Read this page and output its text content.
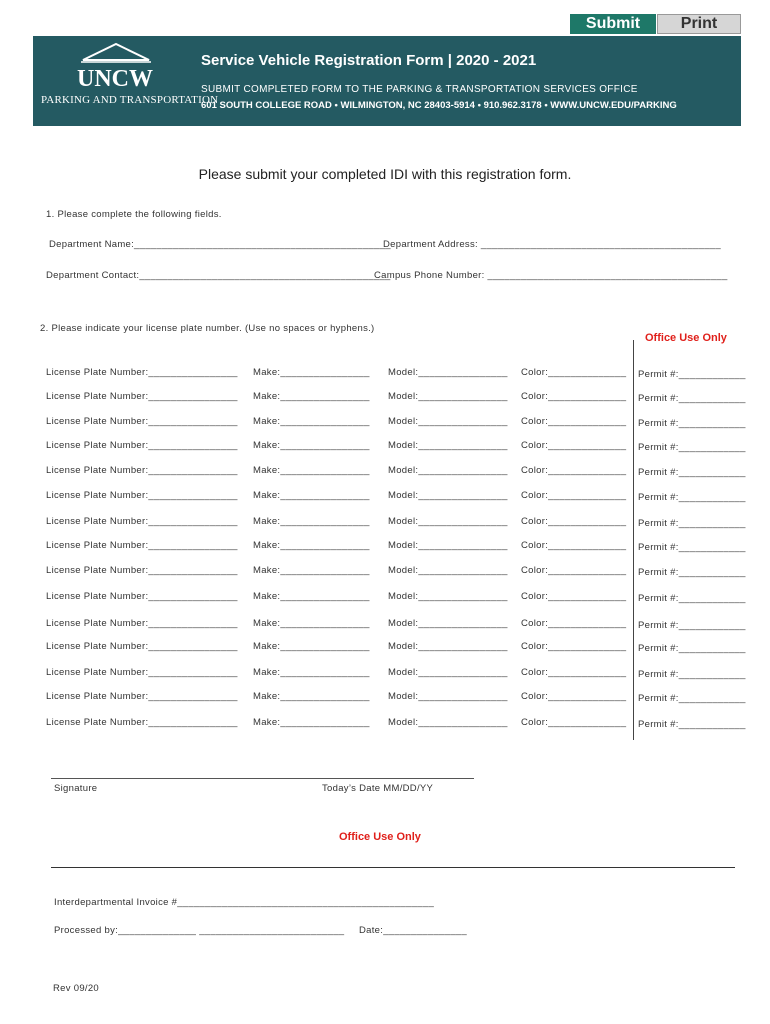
Submit	Print
UNCW
PARKING AND TRANSPORTATION
Service Vehicle Registration Form | 2020 - 2021
SUBMIT COMPLETED FORM TO THE PARKING & TRANSPORTATION SERVICES OFFICE
601 SOUTH COLLEGE ROAD • WILMINGTON, NC 28403-5914 • 910.962.3178 • WWW.UNCW.EDU/PARKING
Please submit your completed IDI with this registration form.
1. Please complete the following fields.
Department Name:______________________________________________
Department Address: ___________________________________________
Department Contact:_____________________________________________
Campus Phone Number: ___________________________________________
2. Please indicate your license plate number. (Use no spaces or hyphens.)
Office Use Only
License Plate Number:________________ Make:________________ Model:________________ Color:______________ Permit #:____________
License Plate Number:________________ Make:________________ Model:________________ Color:______________ Permit #:____________
License Plate Number:________________ Make:________________ Model:________________ Color:______________ Permit #:____________
License Plate Number:________________ Make:________________ Model:________________ Color:______________ Permit #:____________
License Plate Number:________________ Make:________________ Model:________________ Color:______________ Permit #:____________
License Plate Number:________________ Make:________________ Model:________________ Color:______________ Permit #:____________
License Plate Number:________________ Make:________________ Model:________________ Color:______________ Permit #:____________
License Plate Number:________________ Make:________________ Model:________________ Color:______________ Permit #:____________
License Plate Number:________________ Make:________________ Model:________________ Color:______________ Permit #:____________
License Plate Number:________________ Make:________________ Model:________________ Color:______________ Permit #:____________
License Plate Number:________________ Make:________________ Model:________________ Color:______________ Permit #:____________
License Plate Number:________________ Make:________________ Model:________________ Color:______________ Permit #:____________
License Plate Number:________________ Make:________________ Model:________________ Color:______________ Permit #:____________
License Plate Number:________________ Make:________________ Model:________________ Color:______________ Permit #:____________
License Plate Number:________________ Make:________________ Model:________________ Color:______________ Permit #:____________
Signature	Today’s Date MM/DD/YY
Office Use Only
Interdepartmental Invoice #______________________________________________
Processed by:______________ __________________________ Date:_______________
Rev 09/20
